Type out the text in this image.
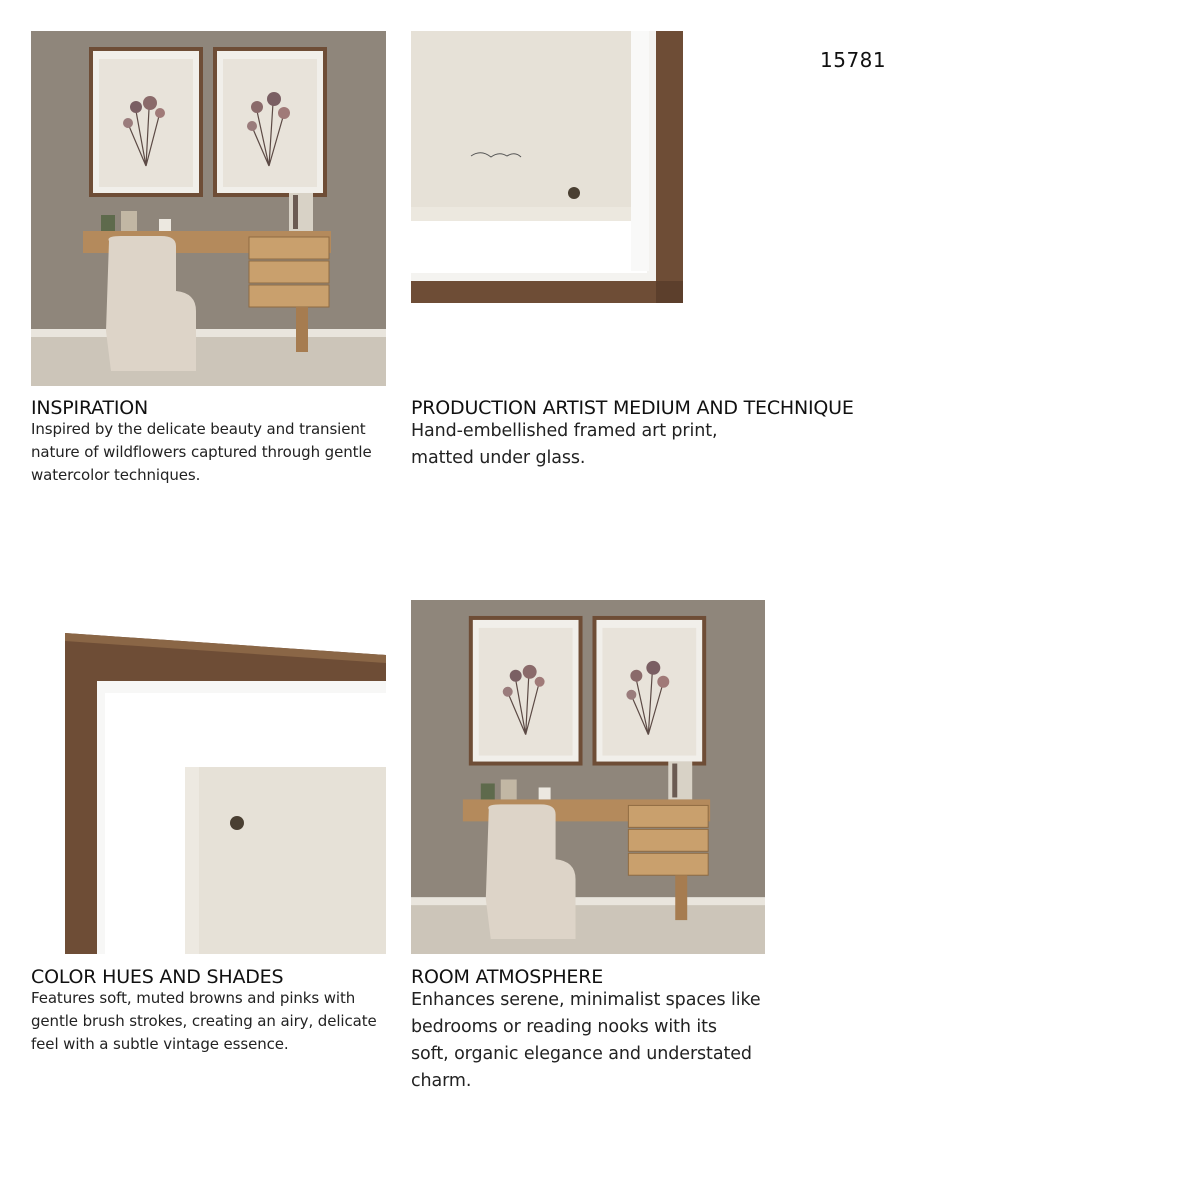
15781
INSPIRATION

Inspired by the delicate beauty and transient
nature of wildflowers captured through gentle
watercolor techniques.

PRODUCTION ARTIST MEDIUM AND TECHNIQUE

Hand-embellished framed art print,
matted under glass.

COLOR HUES AND SHADES

Features soft, muted browns and pinks with
gentle brush strokes, creating an airy, delicate
feel with a subtle vintage essence.

ROOM ATMOSPHERE

Enhances serene, minimalist spaces like
bedrooms or reading nooks with its
soft, organic elegance and understated
charm.
